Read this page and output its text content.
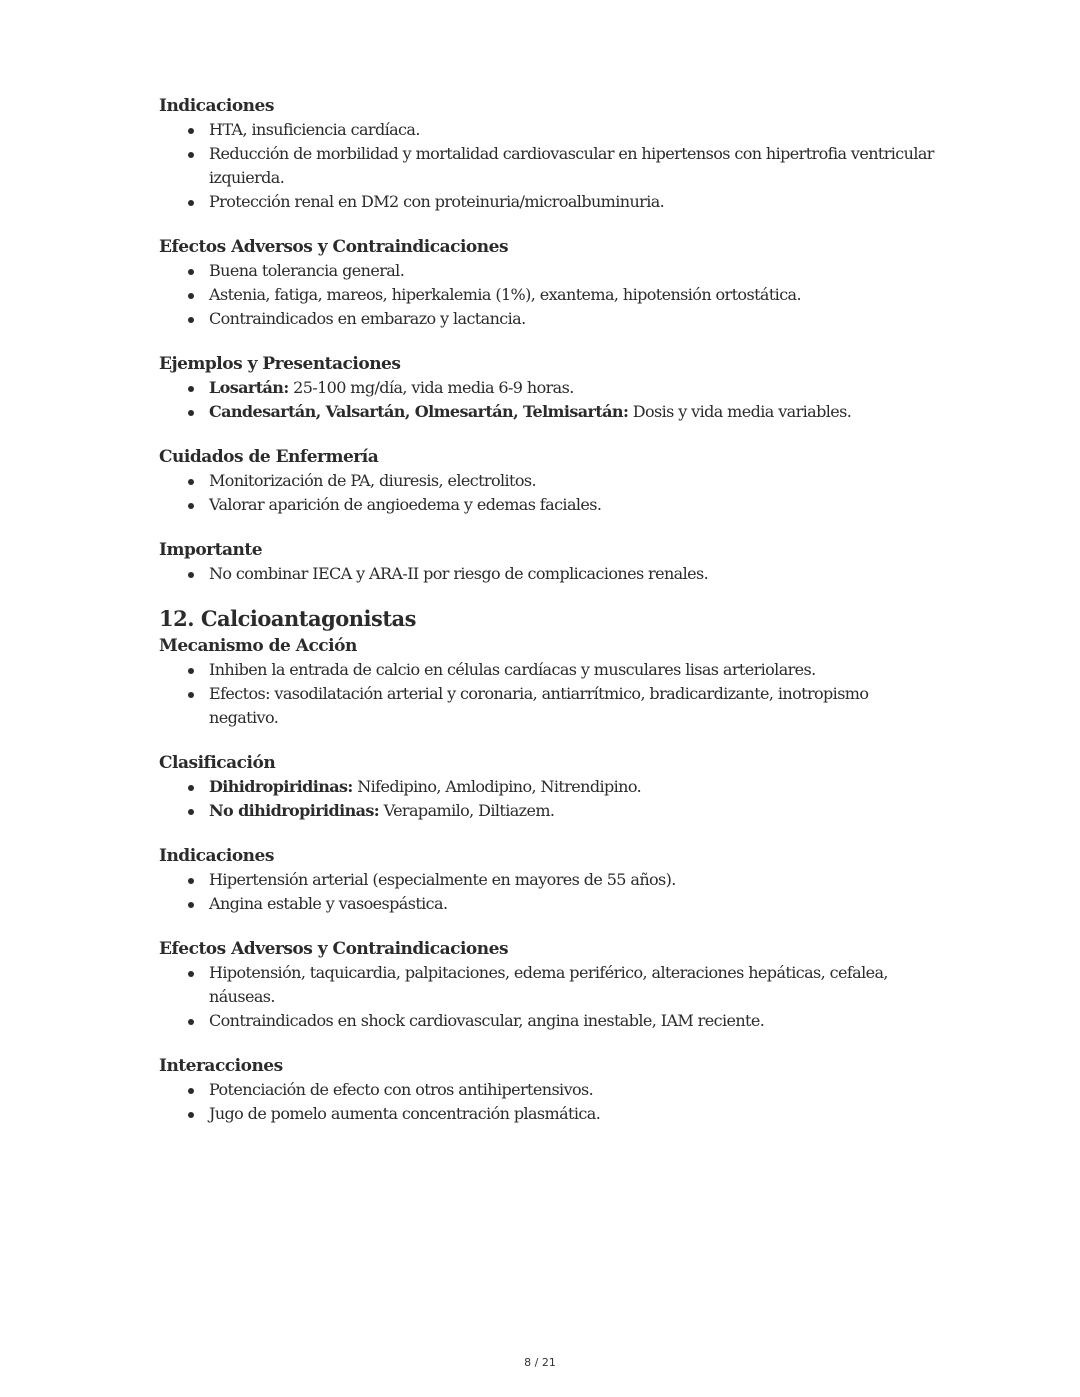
Indicaciones
HTA, insuficiencia cardíaca.
Reducción de morbilidad y mortalidad cardiovascular en hipertensos con hipertrofia ventricular izquierda.
Protección renal en DM2 con proteinuria/microalbuminuria.
Efectos Adversos y Contraindicaciones
Buena tolerancia general.
Astenia, fatiga, mareos, hiperkalemia (1%), exantema, hipotensión ortostática.
Contraindicados en embarazo y lactancia.
Ejemplos y Presentaciones
Losartán: 25-100 mg/día, vida media 6-9 horas.
Candesartán, Valsartán, Olmesartán, Telmisartán: Dosis y vida media variables.
Cuidados de Enfermería
Monitorización de PA, diuresis, electrolitos.
Valorar aparición de angioedema y edemas faciales.
Importante
No combinar IECA y ARA-II por riesgo de complicaciones renales.
12. Calcioantagonistas
Mecanismo de Acción
Inhiben la entrada de calcio en células cardíacas y musculares lisas arteriolares.
Efectos: vasodilatación arterial y coronaria, antiarrítmico, bradicardizante, inotropismo negativo.
Clasificación
Dihidropiridinas: Nifedipino, Amlodipino, Nitrendipino.
No dihidropiridinas: Verapamilo, Diltiazem.
Indicaciones
Hipertensión arterial (especialmente en mayores de 55 años).
Angina estable y vasoespástica.
Efectos Adversos y Contraindicaciones
Hipotensión, taquicardia, palpitaciones, edema periférico, alteraciones hepáticas, cefalea, náuseas.
Contraindicados en shock cardiovascular, angina inestable, IAM reciente.
Interacciones
Potenciación de efecto con otros antihipertensivos.
Jugo de pomelo aumenta concentración plasmática.
8 / 21
